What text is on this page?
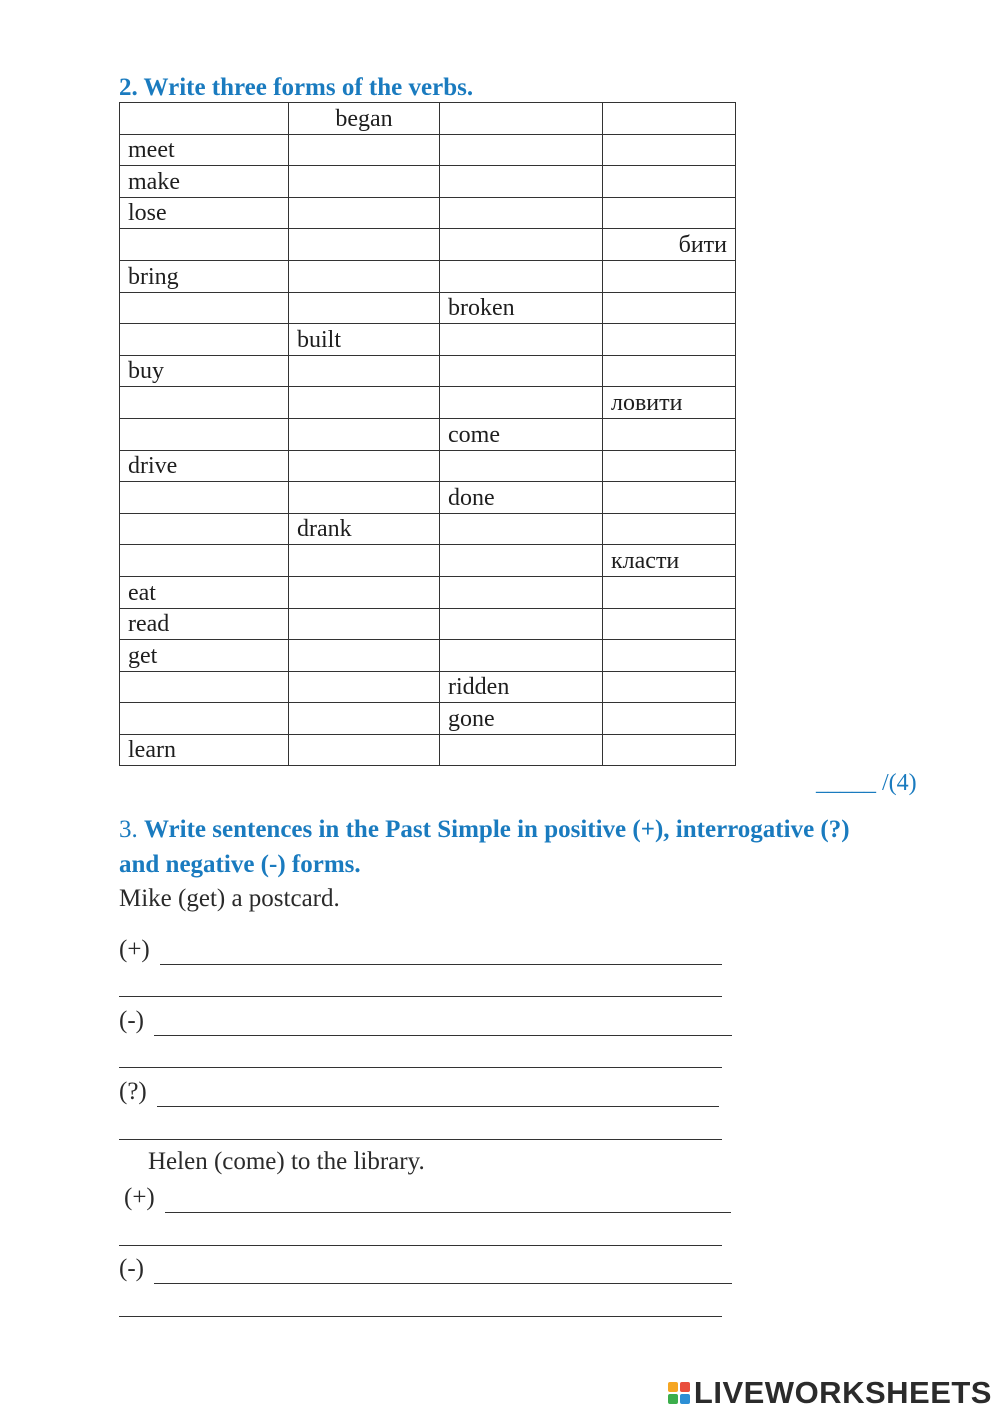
2. Write three forms of the verbs.
	began		
meet			
make			
lose			
			бити
bring			
		broken	
	built		
buy			
			ловити
		come	
drive			
		done	
	drank		
			класти
eat			
read			
get			
		ridden	
		gone	
learn			
_____ /(4)
3. Write sentences in the Past Simple in positive (+), interrogative (?)
and negative (-) forms.
Mike (get) a postcard.
(+)
(-)
(?)
Helen (come) to the library.
(+)
(-)
LIVEWORKSHEETS
